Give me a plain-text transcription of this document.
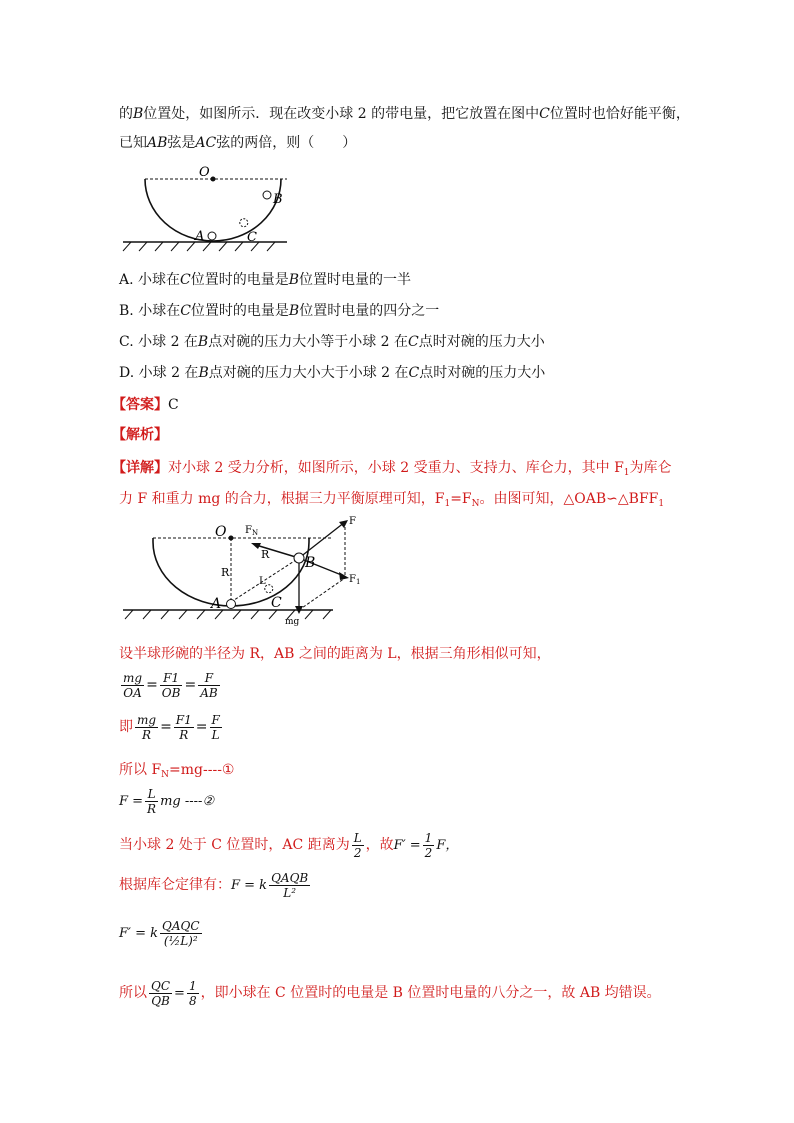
的B位置处，如图所示．现在改变小球 2 的带电量，把它放置在图中C位置时也恰好能平衡，
已知AB弦是AC弦的两倍，则（　　）
O
B
A	C
A. 小球在C位置时的电量是B位置时电量的一半
B. 小球在C位置时的电量是B位置时电量的四分之一
C. 小球 2 在B点对碗的压力大小等于小球 2 在C点时对碗的压力大小
D. 小球 2 在B点对碗的压力大小大于小球 2 在C点时对碗的压力大小
【答案】C
【解析】
【详解】对小球 2 受力分析，如图所示，小球 2 受重力、支持力、库仑力，其中 $F_1$为库仑
力 F 和重力 mg 的合力，根据三力平衡原理可知，$F_1=F_N$。由图可知，$\triangle OAB∽\triangle BFF_1$
O $F_N$
R
R
F
$F_1$
L
B
A	C
mg
设半球形碗的半径为 R，AB 之间的距离为 L，根据三角形相似可知，
$\frac{mg}{OA} = \frac{F1}{OB} = \frac{F}{AB}$
即 $\frac{mg}{R} = \frac{F1}{R} = \frac{F}{L}$
所以 $F_N=mg----①$
$F = \frac{L}{R}$ mg ----②
当小球 2 处于 C 位置时，AC 距离为 $\frac{L}{2}$ ，故$F' = \frac{1}{2}$ F，
根据库仑定律有：F = k $\frac{\text{QAQB}}{\text{L²}}$
F′ = k $\frac{\text{QAQC}}{\text{(½L)²}}$
所以 $\frac{QC}{QB} = \frac{1}{8}$ ，即小球在 C 位置时的电量是 B 位置时电量的八分之一，故 AB 均错误。
